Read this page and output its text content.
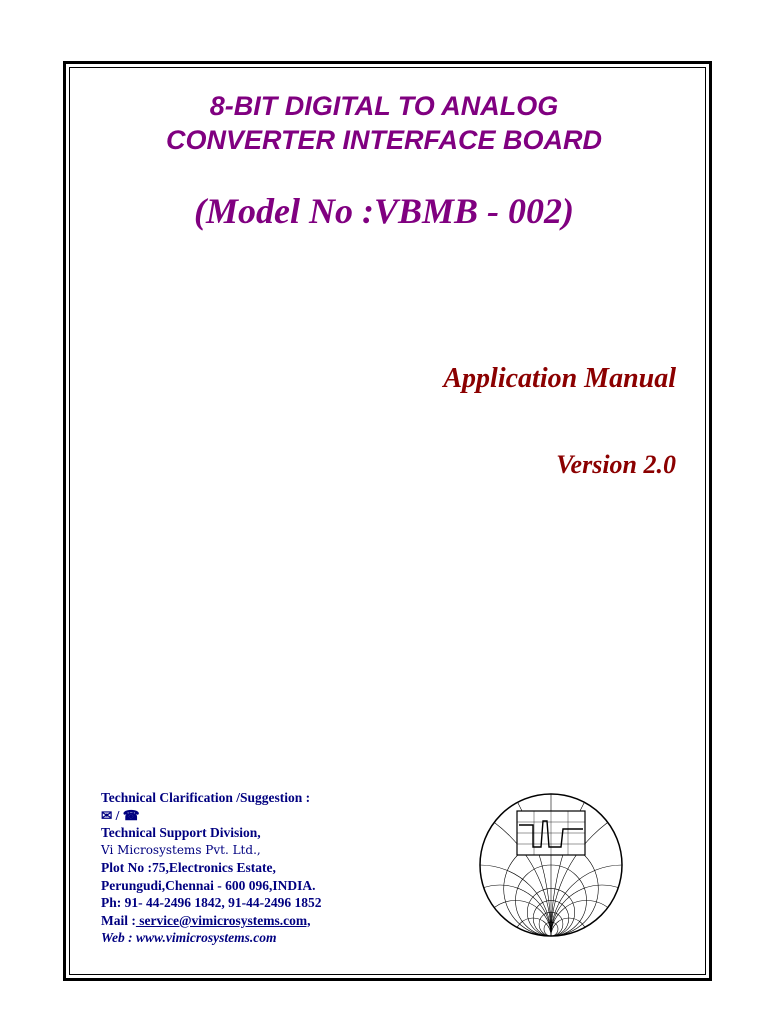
8-BIT DIGITAL TO ANALOG
CONVERTER INTERFACE BOARD
(Model No :VBMB - 002)
Application Manual
Version 2.0
Technical Clarification /Suggestion :
✉ / ☎
Technical Support Division,
Vi Microsystems Pvt. Ltd.,
Plot No :75,Electronics Estate,
Perungudi,Chennai - 600 096,INDIA.
Ph: 91- 44-2496 1842, 91-44-2496 1852
Mail : service@vimicrosystems.com,
Web : www.vimicrosystems.com
